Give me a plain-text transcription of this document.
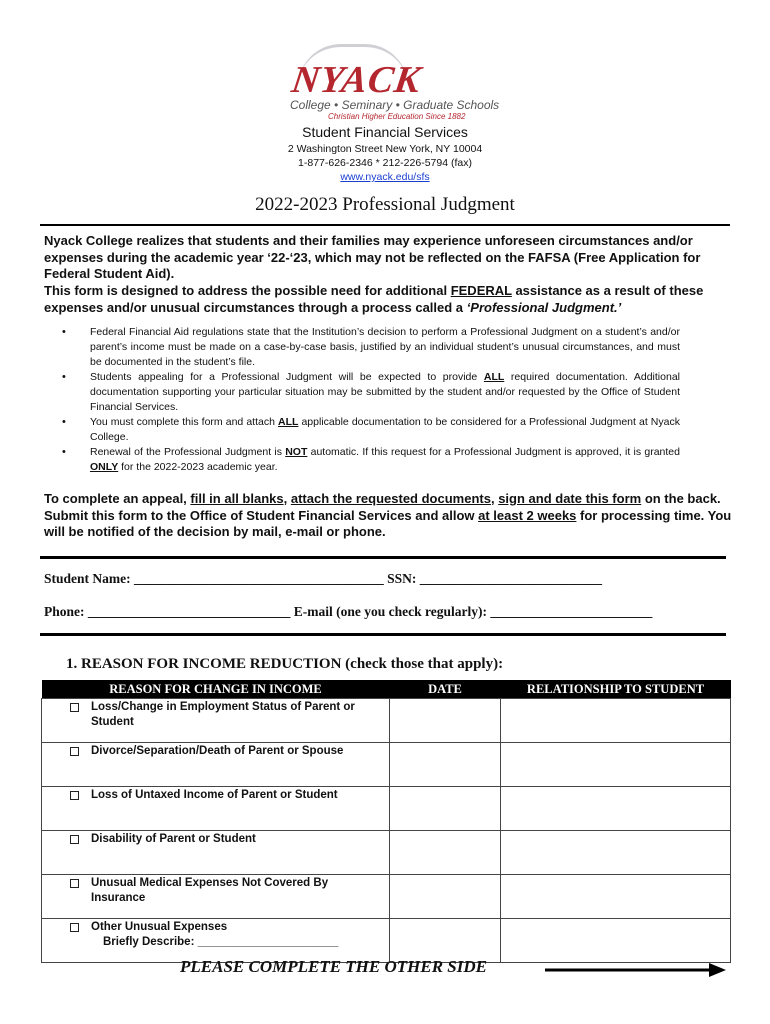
NYACK
College • Seminary • Graduate Schools
Christian Higher Education Since 1882
Student Financial Services
2 Washington Street New York, NY 10004
1-877-626-2346 * 212-226-5794 (fax)
www.nyack.edu/sfs
2022-2023 Professional Judgment
Nyack College realizes that students and their families may experience unforeseen circumstances and/or expenses during the academic year ‘22-‘23, which may not be reflected on the FAFSA (Free Application for Federal Student Aid).
This form is designed to address the possible need for additional FEDERAL assistance as a result of these expenses and/or unusual circumstances through a process called a ‘Professional Judgment.’
• Federal Financial Aid regulations state that the Institution’s decision to perform a Professional Judgment on a student’s and/or parent’s income must be made on a case-by-case basis, justified by an individual student’s unusual circumstances, and must be documented in the student’s file.
• Students appealing for a Professional Judgment will be expected to provide ALL required documentation. Additional documentation supporting your particular situation may be submitted by the student and/or requested by the Office of Student Financial Services.
• You must complete this form and attach ALL applicable documentation to be considered for a Professional Judgment at Nyack College.
• Renewal of the Professional Judgment is NOT automatic. If this request for a Professional Judgment is approved, it is granted ONLY for the 2022-2023 academic year.
To complete an appeal, fill in all blanks, attach the requested documents, sign and date this form on the back. Submit this form to the Office of Student Financial Services and allow at least 2 weeks for processing time. You will be notified of the decision by mail, e-mail or phone.
Student Name: _____________________________________ SSN: ___________________________
Phone: ______________________________ E-mail (one you check regularly): ________________________
1. REASON FOR INCOME REDUCTION (check those that apply):
REASON FOR CHANGE IN INCOME	DATE	RELATIONSHIP TO STUDENT
Loss/Change in Employment Status of Parent or Student		
Divorce/Separation/Death of Parent or Spouse		
Loss of Untaxed Income of Parent or Student		
Disability of Parent or Student		
Unusual Medical Expenses Not Covered By Insurance		
Other Unusual Expenses
Briefly Describe: ______________________		
PLEASE COMPLETE THE OTHER SIDE
